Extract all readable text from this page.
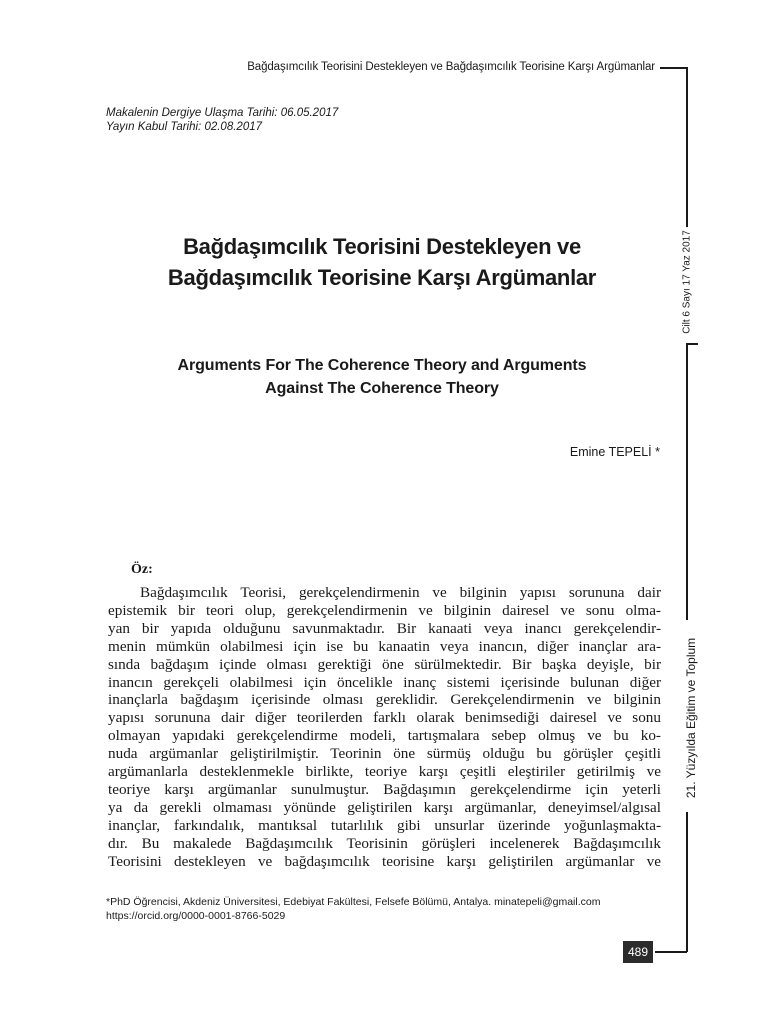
Bağdaşımcılık Teorisini Destekleyen ve Bağdaşımcılık Teorisine Karşı Argümanlar
Cilt 6 Sayı 17 Yaz 2017
21. Yüzyılda Eğitim ve Toplum
Makalenin Dergiye Ulaşma Tarihi: 06.05.2017
Yayın Kabul Tarihi: 02.08.2017
Bağdaşımcılık Teorisini Destekleyen ve
Bağdaşımcılık Teorisine Karşı Argümanlar
Arguments For The Coherence Theory and Arguments
Against The Coherence Theory
Emine TEPELİ *
Öz:
Bağdaşımcılık Teorisi, gerekçelendirmenin ve bilginin yapısı sorununa dair
epistemik bir teori olup, gerekçelendirmenin ve bilginin dairesel ve sonu olma-
yan bir yapıda olduğunu savunmaktadır. Bir kanaati veya inancı gerekçelendir-
menin mümkün olabilmesi için ise bu kanaatin veya inancın, diğer inançlar ara-
sında bağdaşım içinde olması gerektiği öne sürülmektedir. Bir başka deyişle, bir
inancın gerekçeli olabilmesi için öncelikle inanç sistemi içerisinde bulunan diğer
inançlarla bağdaşım içerisinde olması gereklidir. Gerekçelendirmenin ve bilginin
yapısı sorununa dair diğer teorilerden farklı olarak benimsediği dairesel ve sonu
olmayan yapıdaki gerekçelendirme modeli, tartışmalara sebep olmuş ve bu ko-
nuda argümanlar geliştirilmiştir. Teorinin öne sürmüş olduğu bu görüşler çeşitli
argümanlarla desteklenmekle birlikte, teoriye karşı çeşitli eleştiriler getirilmiş ve
teoriye karşı argümanlar sunulmuştur. Bağdaşımın gerekçelendirme için yeterli
ya da gerekli olmaması yönünde geliştirilen karşı argümanlar, deneyimsel/algısal
inançlar, farkındalık, mantıksal tutarlılık gibi unsurlar üzerinde yoğunlaşmakta-
dır. Bu makalede Bağdaşımcılık Teorisinin görüşleri incelenerek Bağdaşımcılık
Teorisini destekleyen ve bağdaşımcılık teorisine karşı geliştirilen argümanlar ve
*PhD Öğrencisi, Akdeniz Üniversitesi, Edebiyat Fakültesi, Felsefe Bölümü, Antalya. minatepeli@gmail.com
https://orcid.org/0000-0001-8766-5029
489
